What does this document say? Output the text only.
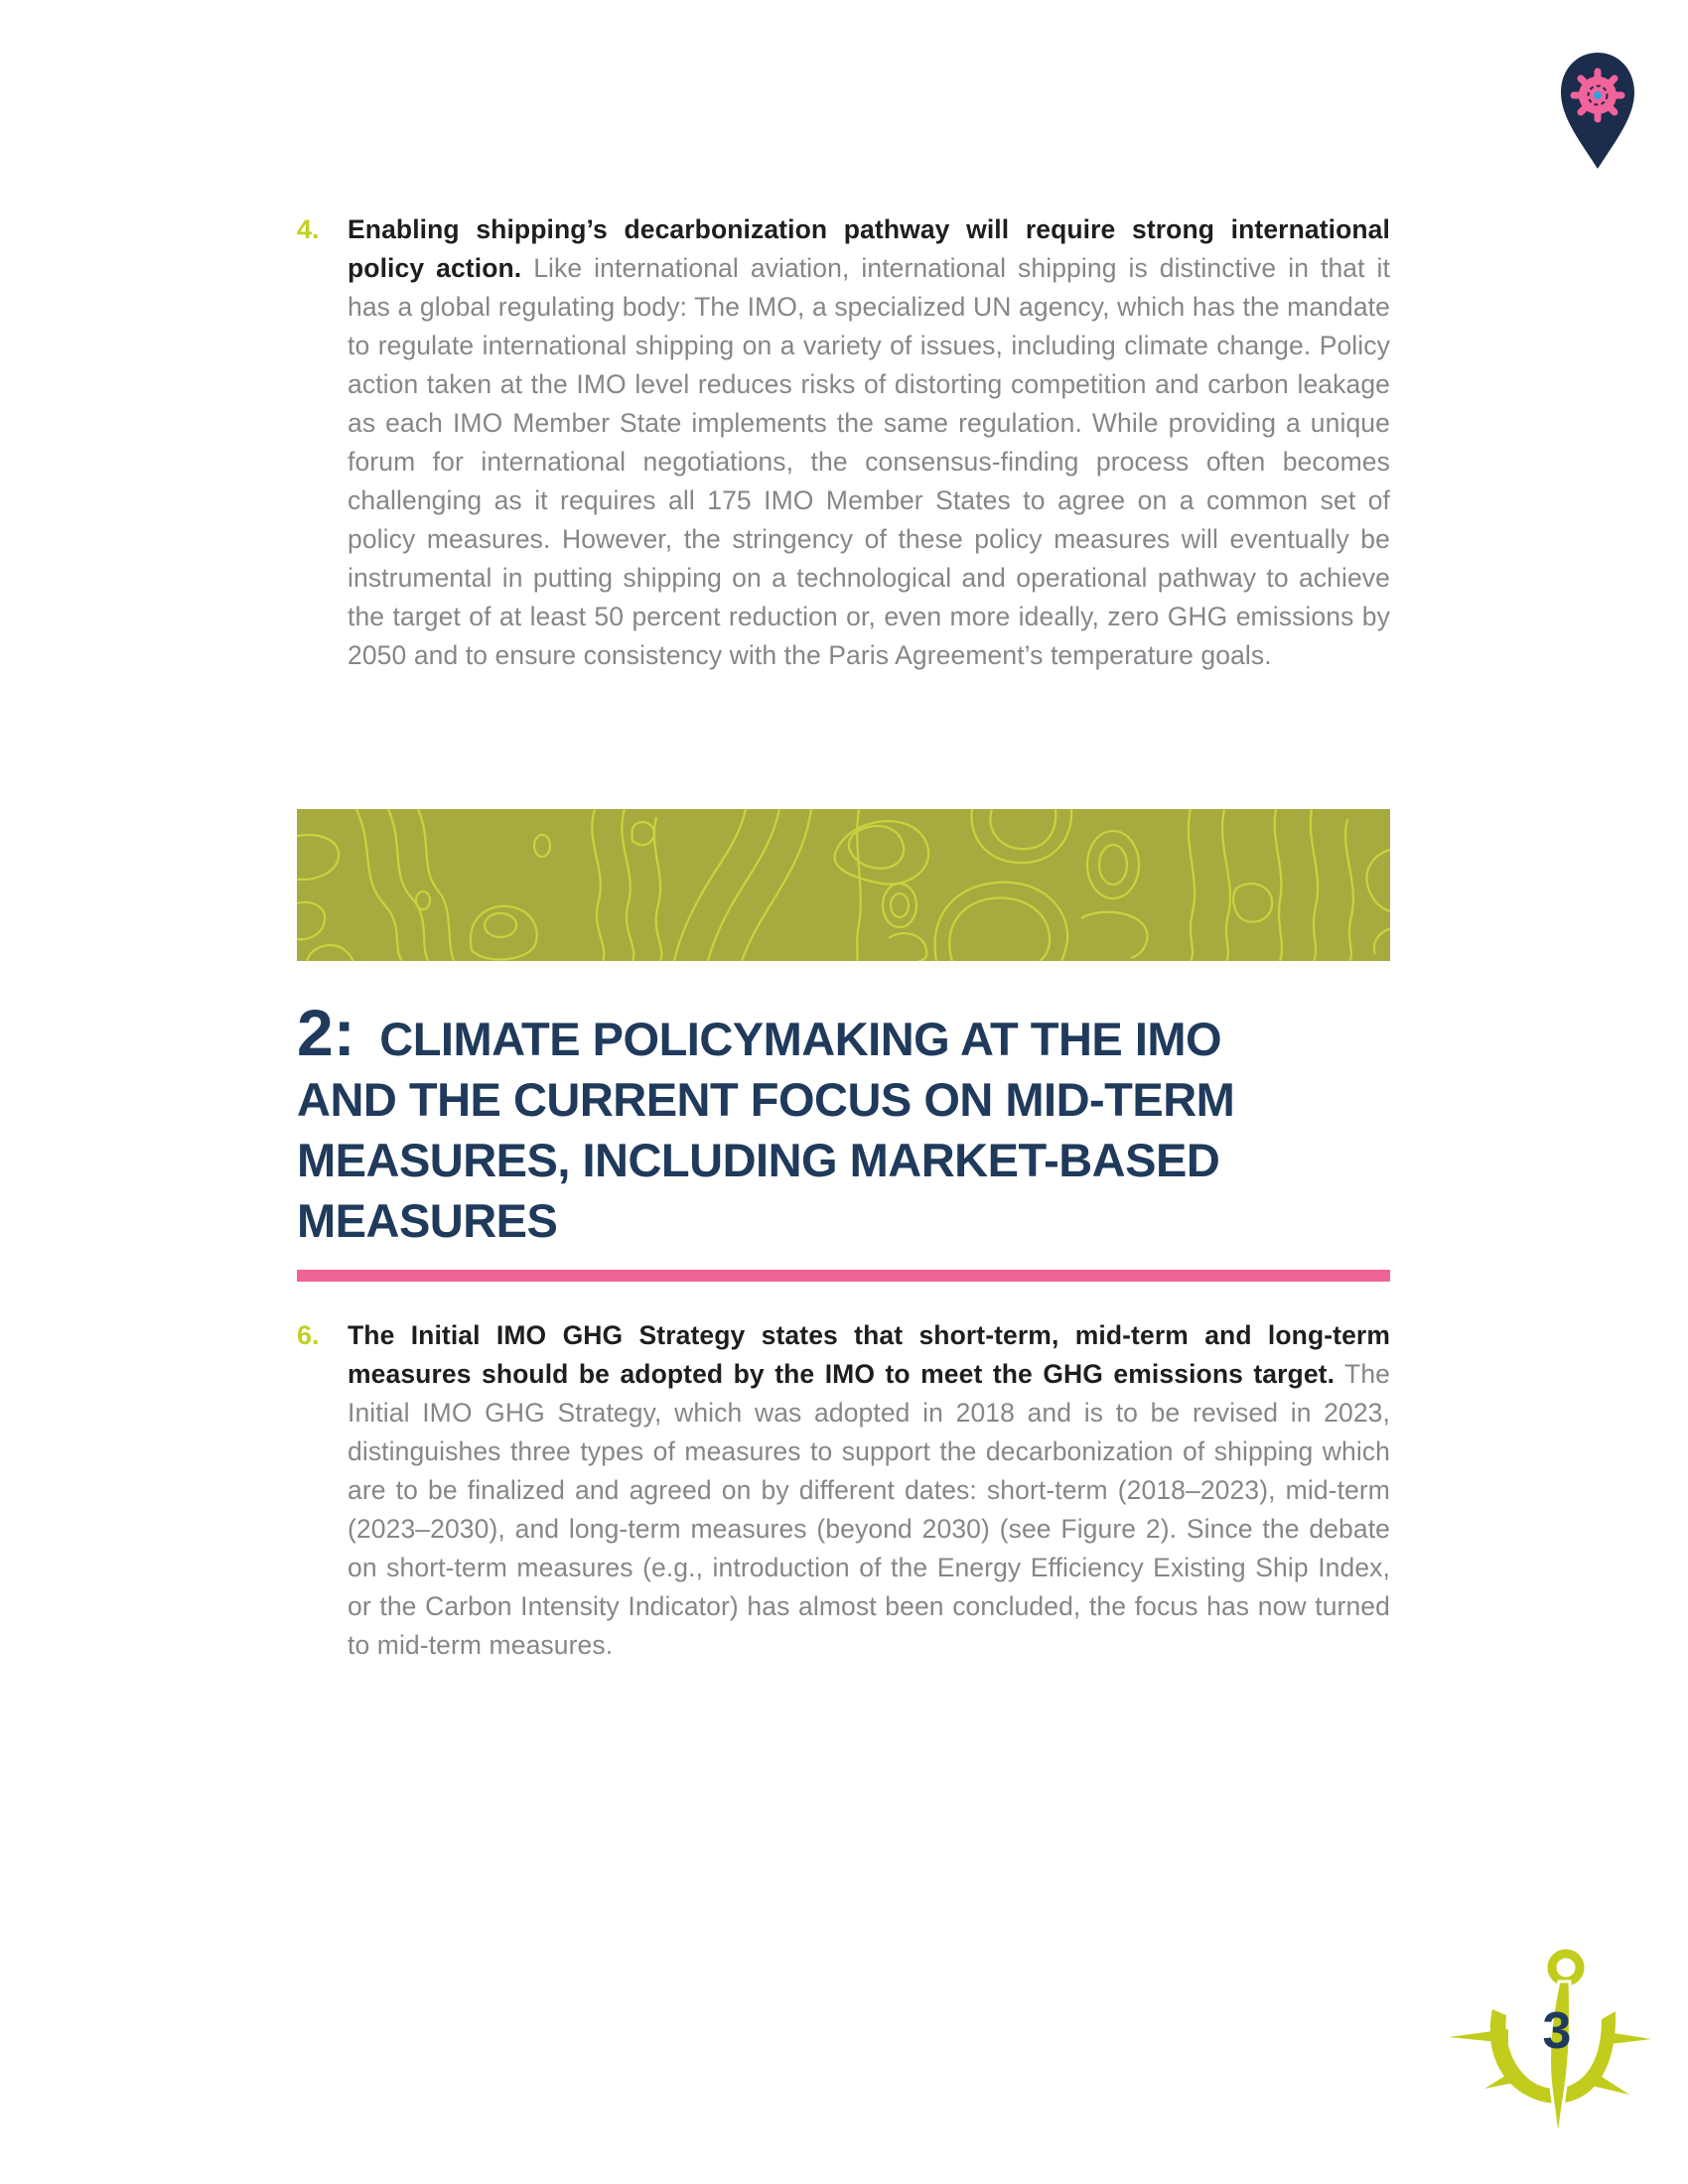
4.	Enabling shipping’s decarbonization pathway will require strong international policy action. Like international aviation, international shipping is distinctive in that it has a global regulating body: The IMO, a specialized UN agency, which has the mandate to regulate international shipping on a variety of issues, including climate change. Policy action taken at the IMO level reduces risks of distorting competition and carbon leakage as each IMO Member State implements the same regulation. While providing a unique forum for international negotiations, the consensus-finding process often becomes challenging as it requires all 175 IMO Member States to agree on a common set of policy measures. However, the stringency of these policy measures will eventually be instrumental in putting shipping on a technological and operational pathway to achieve the target of at least 50 percent reduction or, even more ideally, zero GHG emissions by 2050 and to ensure consistency with the Paris Agreement’s temperature goals.
2: CLIMATE POLICYMAKING AT THE IMO
AND THE CURRENT FOCUS ON MID-TERM
MEASURES, INCLUDING MARKET-BASED
MEASURES
6.	The Initial IMO GHG Strategy states that short-term, mid-term and long-term measures should be adopted by the IMO to meet the GHG emissions target. The Initial IMO GHG Strategy, which was adopted in 2018 and is to be revised in 2023, distinguishes three types of measures to support the decarbonization of shipping which are to be finalized and agreed on by different dates: short-term (2018–2023), mid-term (2023–2030), and long-term measures (beyond 2030) (see Figure 2). Since the debate on short-term measures (e.g., introduction of the Energy Efficiency Existing Ship Index, or the Carbon Intensity Indicator) has almost been concluded, the focus has now turned to mid-term measures.
3
